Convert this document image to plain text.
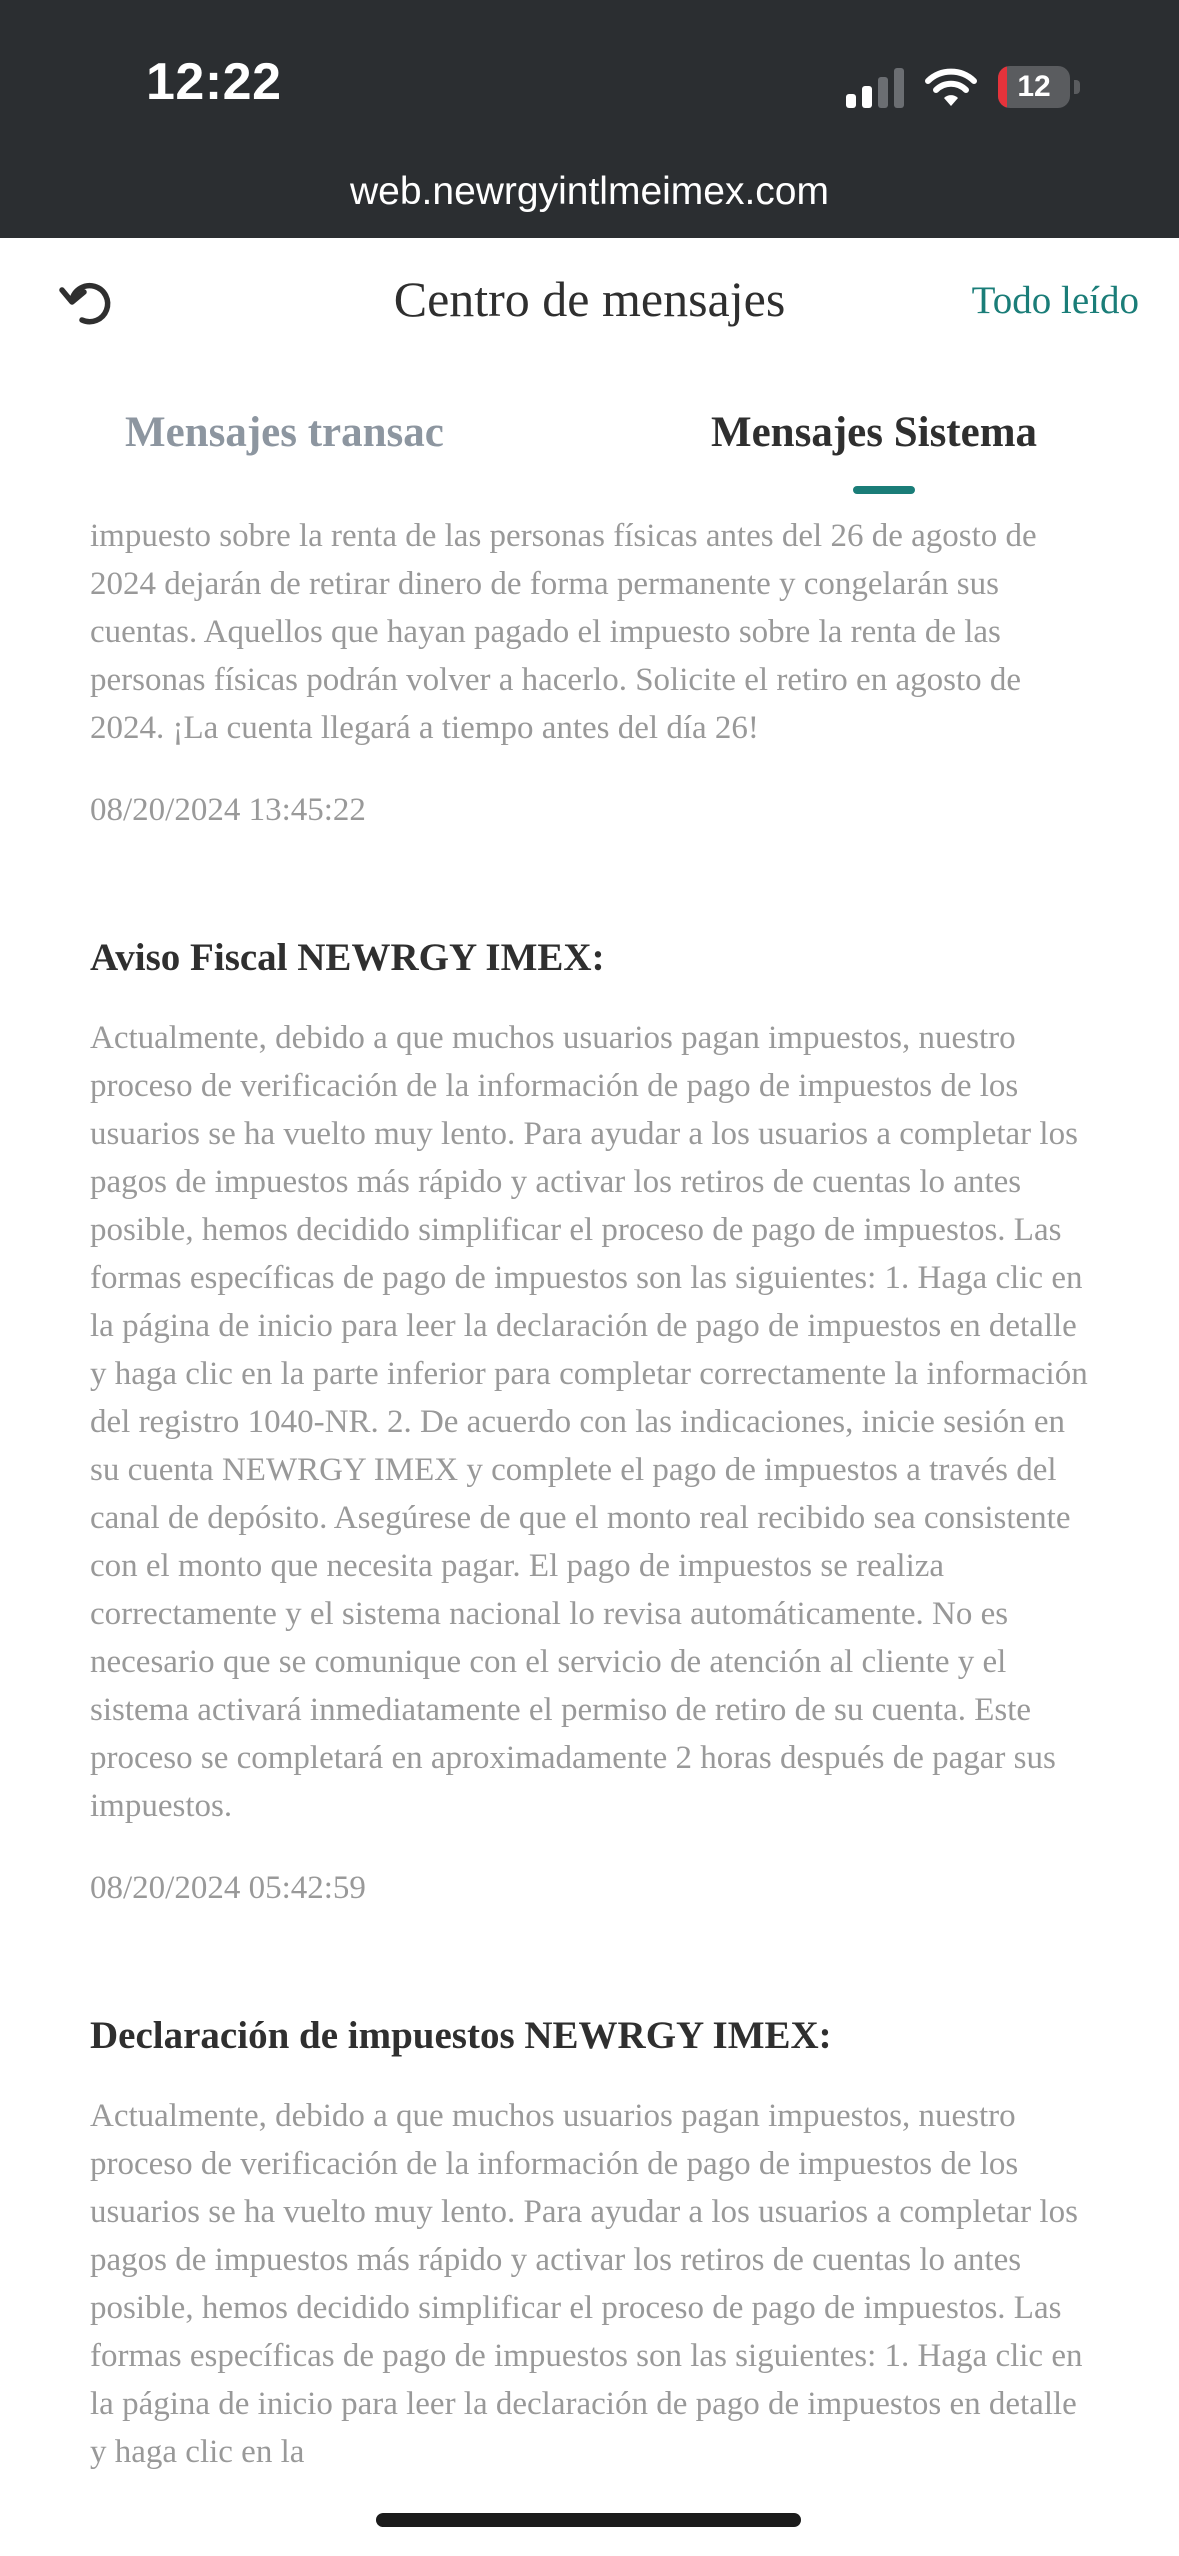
12:22	12
web.newrgyintlmeimex.com
Centro de mensajes	Todo leído
Mensajes transac	Mensajes Sistema

impuesto sobre la renta de las personas físicas antes del 26 de agosto de 2024 dejarán de retirar dinero de forma permanente y congelarán sus cuentas. Aquellos que hayan pagado el impuesto sobre la renta de las personas físicas podrán volver a hacerlo. Solicite el retiro en agosto de 2024. ¡La cuenta llegará a tiempo antes del día 26!

08/20/2024 13:45:22

Aviso Fiscal NEWRGY IMEX:

Actualmente, debido a que muchos usuarios pagan impuestos, nuestro proceso de verificación de la información de pago de impuestos de los usuarios se ha vuelto muy lento. Para ayudar a los usuarios a completar los pagos de impuestos más rápido y activar los retiros de cuentas lo antes posible, hemos decidido simplificar el proceso de pago de impuestos. Las formas específicas de pago de impuestos son las siguientes: 1. Haga clic en la página de inicio para leer la declaración de pago de impuestos en detalle y haga clic en la parte inferior para completar correctamente la información del registro 1040-NR. 2. De acuerdo con las indicaciones, inicie sesión en su cuenta NEWRGY IMEX y complete el pago de impuestos a través del canal de depósito. Asegúrese de que el monto real recibido sea consistente con el monto que necesita pagar. El pago de impuestos se realiza correctamente y el sistema nacional lo revisa automáticamente. No es necesario que se comunique con el servicio de atención al cliente y el sistema activará inmediatamente el permiso de retiro de su cuenta. Este proceso se completará en aproximadamente 2 horas después de pagar sus impuestos.

08/20/2024 05:42:59

Declaración de impuestos NEWRGY IMEX:

Actualmente, debido a que muchos usuarios pagan impuestos, nuestro proceso de verificación de la información de pago de impuestos de los usuarios se ha vuelto muy lento. Para ayudar a los usuarios a completar los pagos de impuestos más rápido y activar los retiros de cuentas lo antes posible, hemos decidido simplificar el proceso de pago de impuestos. Las formas específicas de pago de impuestos son las siguientes: 1. Haga clic en la página de inicio para leer la declaración de pago de impuestos en detalle y haga clic en la
